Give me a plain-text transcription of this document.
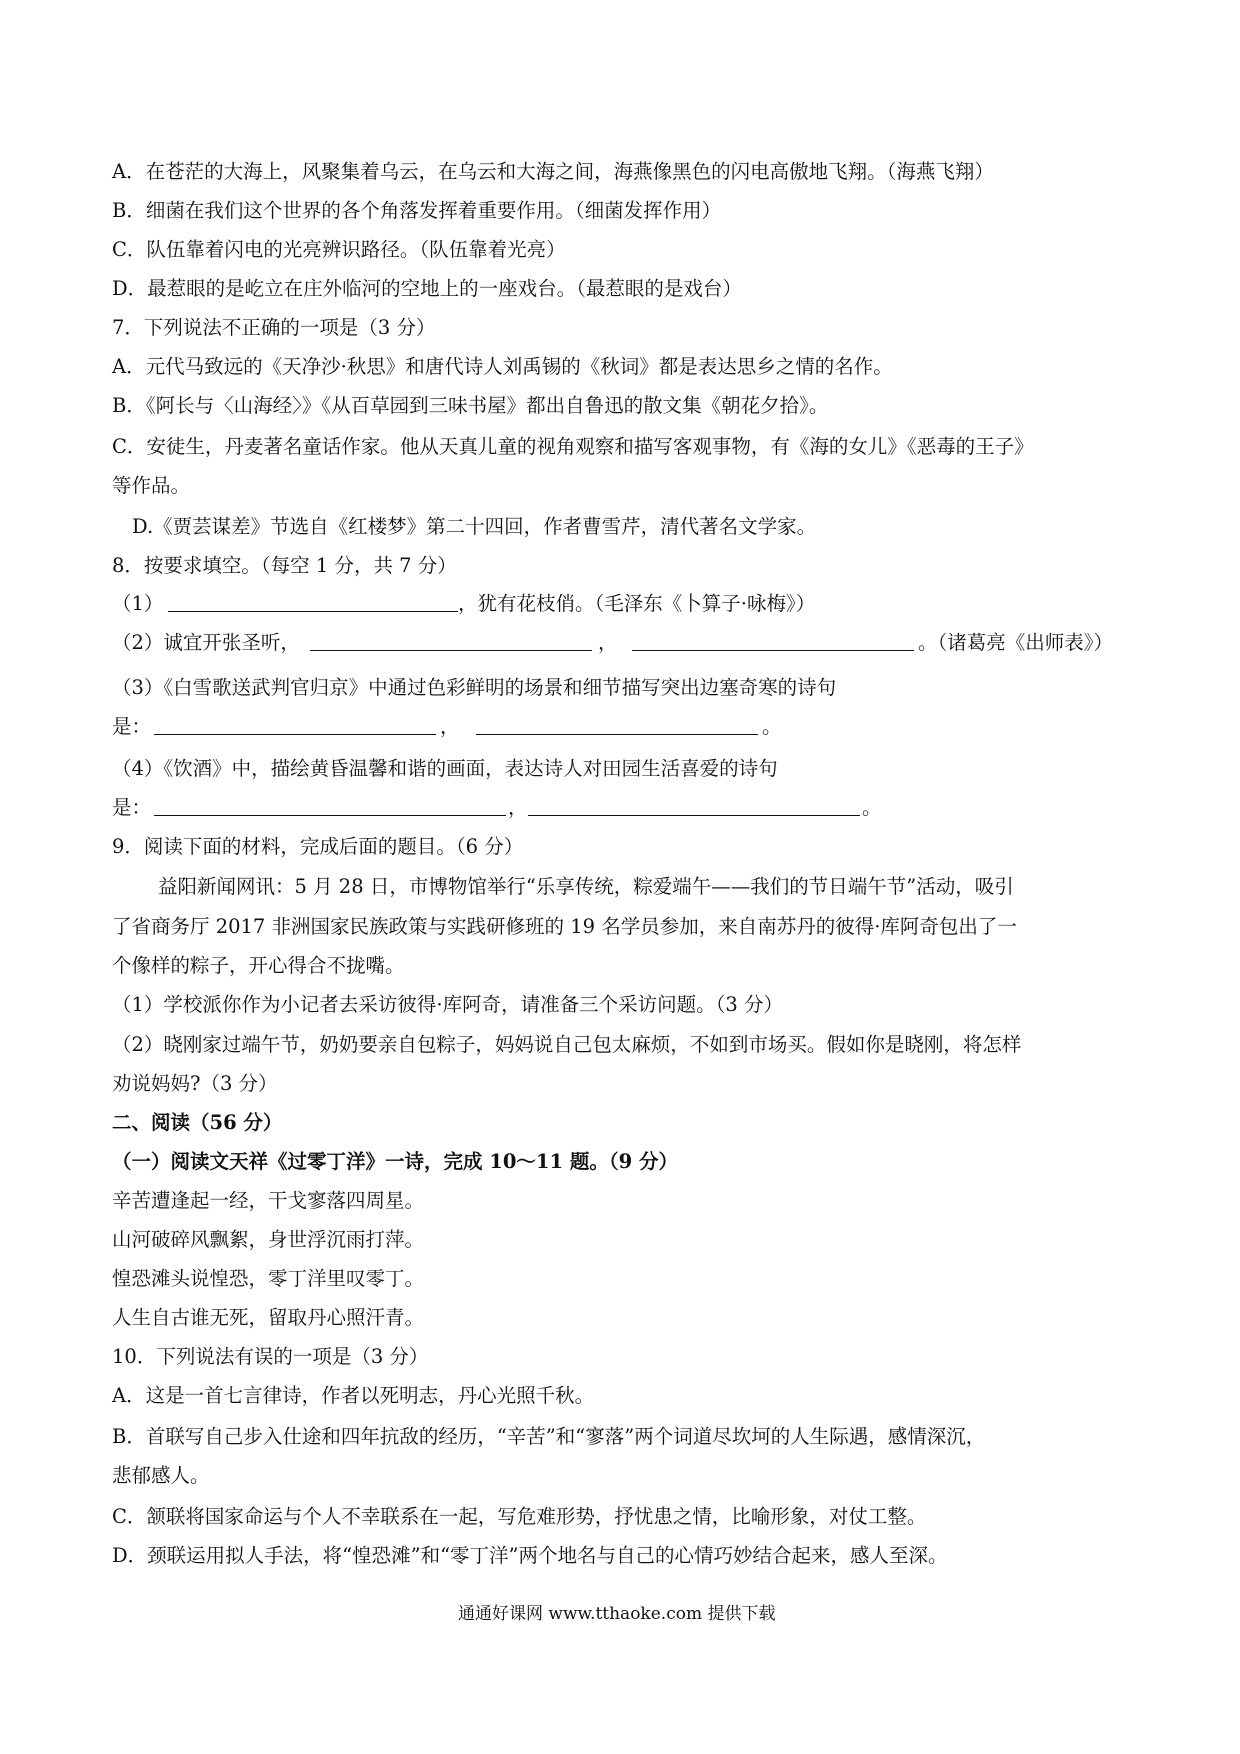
A．在苍茫的大海上，风聚集着乌云，在乌云和大海之间，海燕像黑色的闪电高傲地飞翔。（海燕飞翔）
B．细菌在我们这个世界的各个角落发挥着重要作用。（细菌发挥作用）
C．队伍靠着闪电的光亮辨识路径。（队伍靠着光亮）
D．最惹眼的是屹立在庄外临河的空地上的一座戏台。（最惹眼的是戏台）
7．下列说法不正确的一项是（3 分）
A．元代马致远的《天净沙·秋思》和唐代诗人刘禹锡的《秋词》都是表达思乡之情的名作。
B．《阿长与〈山海经〉》《从百草园到三味书屋》都出自鲁迅的散文集《朝花夕拾》。
C．安徒生，丹麦著名童话作家。他从天真儿童的视角观察和描写客观事物，有《海的女儿》《恶毒的王子》
等作品。
D.《贾芸谋差》节选自《红楼梦》第二十四回，作者曹雪芹，清代著名文学家。
8．按要求填空。（每空 1 分，共 7 分）
（1）	，犹有花枝俏。（毛泽东《卜算子·咏梅》）
（2）诚宜开张圣听，	，	。（诸葛亮《出师表》）
（3）《白雪歌送武判官归京》中通过色彩鲜明的场景和细节描写突出边塞奇寒的诗句
是：	，	。
（4）《饮酒》中，描绘黄昏温馨和谐的画面，表达诗人对田园生活喜爱的诗句
是：	，	。
9．阅读下面的材料，完成后面的题目。（6 分）
益阳新闻网讯：5 月 28 日，市博物馆举行“乐享传统，粽爱端午——我们的节日端午节”活动，吸引
了省商务厅 2017 非洲国家民族政策与实践研修班的 19 名学员参加，来自南苏丹的彼得·库阿奇包出了一
个像样的粽子，开心得合不拢嘴。
（1）学校派你作为小记者去采访彼得·库阿奇，请准备三个采访问题。（3 分）
（2）晓刚家过端午节，奶奶要亲自包粽子，妈妈说自己包太麻烦，不如到市场买。假如你是晓刚，将怎样
劝说妈妈?（3 分）
二、阅读（56 分）
（一）阅读文天祥《过零丁洋》一诗，完成 10～11 题。（9 分）
辛苦遭逢起一经，干戈寥落四周星。
山河破碎风飘絮，身世浮沉雨打萍。
惶恐滩头说惶恐，零丁洋里叹零丁。
人生自古谁无死，留取丹心照汗青。
10．下列说法有误的一项是（3 分）
A．这是一首七言律诗，作者以死明志，丹心光照千秋。
B．首联写自己步入仕途和四年抗敌的经历，“辛苦”和“寥落”两个词道尽坎坷的人生际遇，感情深沉，
悲郁感人。
C．颔联将国家命运与个人不幸联系在一起，写危难形势，抒忧患之情，比喻形象，对仗工整。
D．颈联运用拟人手法，将“惶恐滩”和“零丁洋”两个地名与自己的心情巧妙结合起来，感人至深。
通通好课网 www.tthaoke.com 提供下载
